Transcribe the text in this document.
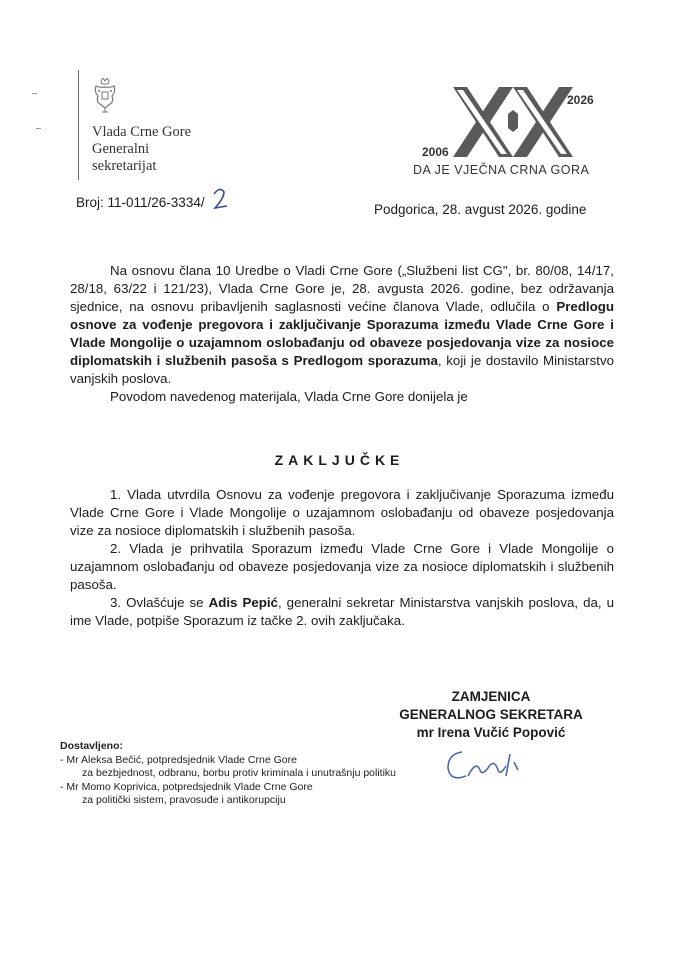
Vlada Crne Gore
Generalni
sekretarijat
2026
2006
DA JE VJEČNA CRNA GORA
Broj: 11-011/26-3334/	Podgorica, 28. avgust 2026. godine

Na osnovu člana 10 Uredbe o Vladi Crne Gore („Službeni list CG", br. 80/08, 14/17, 28/18, 63/22 i 121/23), Vlada Crne Gore je, 28. avgusta 2026. godine, bez održavanja sjednice, na osnovu pribavljenih saglasnosti većine članova Vlade, odlučila o Predlogu osnove za vođenje pregovora i zaključivanje Sporazuma između Vlade Crne Gore i Vlade Mongolije o uzajamnom oslobađanju od obaveze posjedovanja vize za nosioce diplomatskih i službenih pasoša s Predlogom sporazuma, koji je dostavilo Ministarstvo vanjskih poslova.

Povodom navedenog materijala, Vlada Crne Gore donijela je

ZAKLJUČKE

1. Vlada utvrdila Osnovu za vođenje pregovora i zaključivanje Sporazuma između Vlade Crne Gore i Vlade Mongolije o uzajamnom oslobađanju od obaveze posjedovanja vize za nosioce diplomatskih i službenih pasoša.

2. Vlada je prihvatila Sporazum između Vlade Crne Gore i Vlade Mongolije o uzajamnom oslobađanju od obaveze posjedovanja vize za nosioce diplomatskih i službenih pasoša.

3. Ovlašćuje se Adis Pepić, generalni sekretar Ministarstva vanjskih poslova, da, u ime Vlade, potpiše Sporazum iz tačke 2. ovih zaključaka.

ZAMJENICA
GENERALNOG SEKRETARA
mr Irena Vučić Popović
Dostavljeno:
- Mr Aleksa Bečić, potpredsjednik Vlade Crne Gore
za bezbjednost, odbranu, borbu protiv kriminala i unutrašnju politiku
- Mr Momo Koprivica, potpredsjednik Vlade Crne Gore
za politički sistem, pravosuđe i antikorupciju
